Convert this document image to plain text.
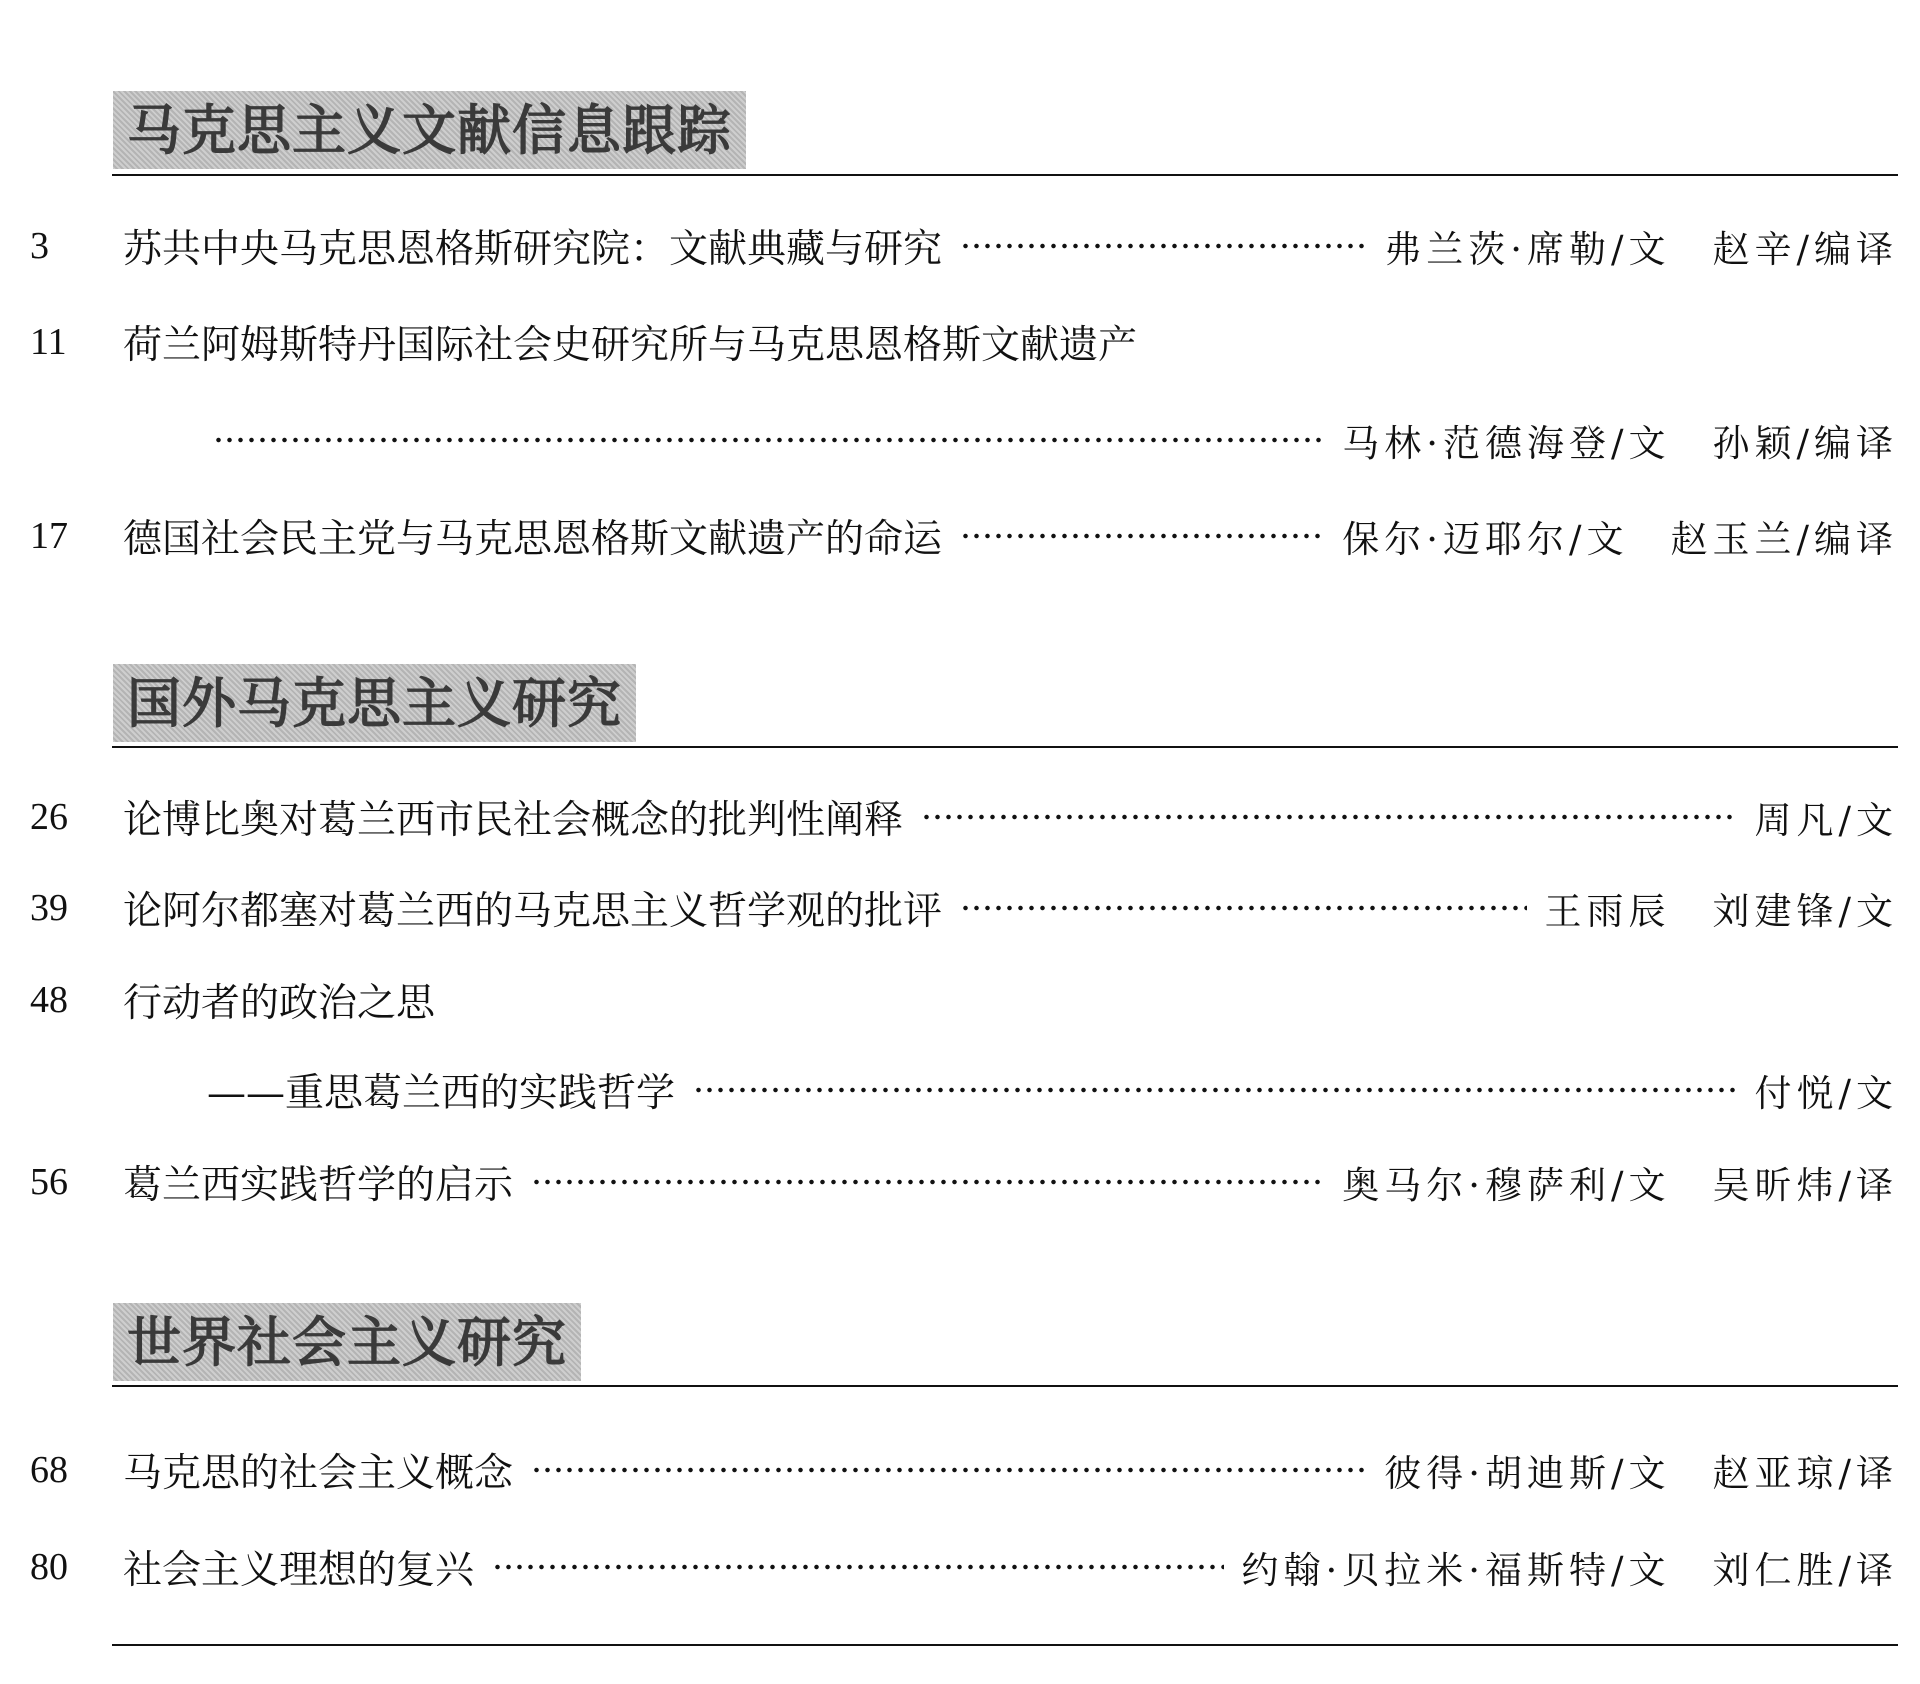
马克思主义文献信息跟踪
3 苏共中央马克思恩格斯研究院：文献典藏与研究	弗兰茨·席勒/文　赵辛/编译
11 荷兰阿姆斯特丹国际社会史研究所与马克思恩格斯文献遗产
马林·范德海登/文　孙颖/编译
17 德国社会民主党与马克思恩格斯文献遗产的命运	保尔·迈耶尔/文　赵玉兰/编译
国外马克思主义研究
26 论博比奥对葛兰西市民社会概念的批判性阐释	周凡/文
39 论阿尔都塞对葛兰西的马克思主义哲学观的批评	王雨辰　刘建锋/文
48 行动者的政治之思
——重思葛兰西的实践哲学	付悦/文
56 葛兰西实践哲学的启示	奥马尔·穆萨利/文　吴昕炜/译
世界社会主义研究
68 马克思的社会主义概念	彼得·胡迪斯/文　赵亚琼/译
80 社会主义理想的复兴	约翰·贝拉米·福斯特/文　刘仁胜/译
